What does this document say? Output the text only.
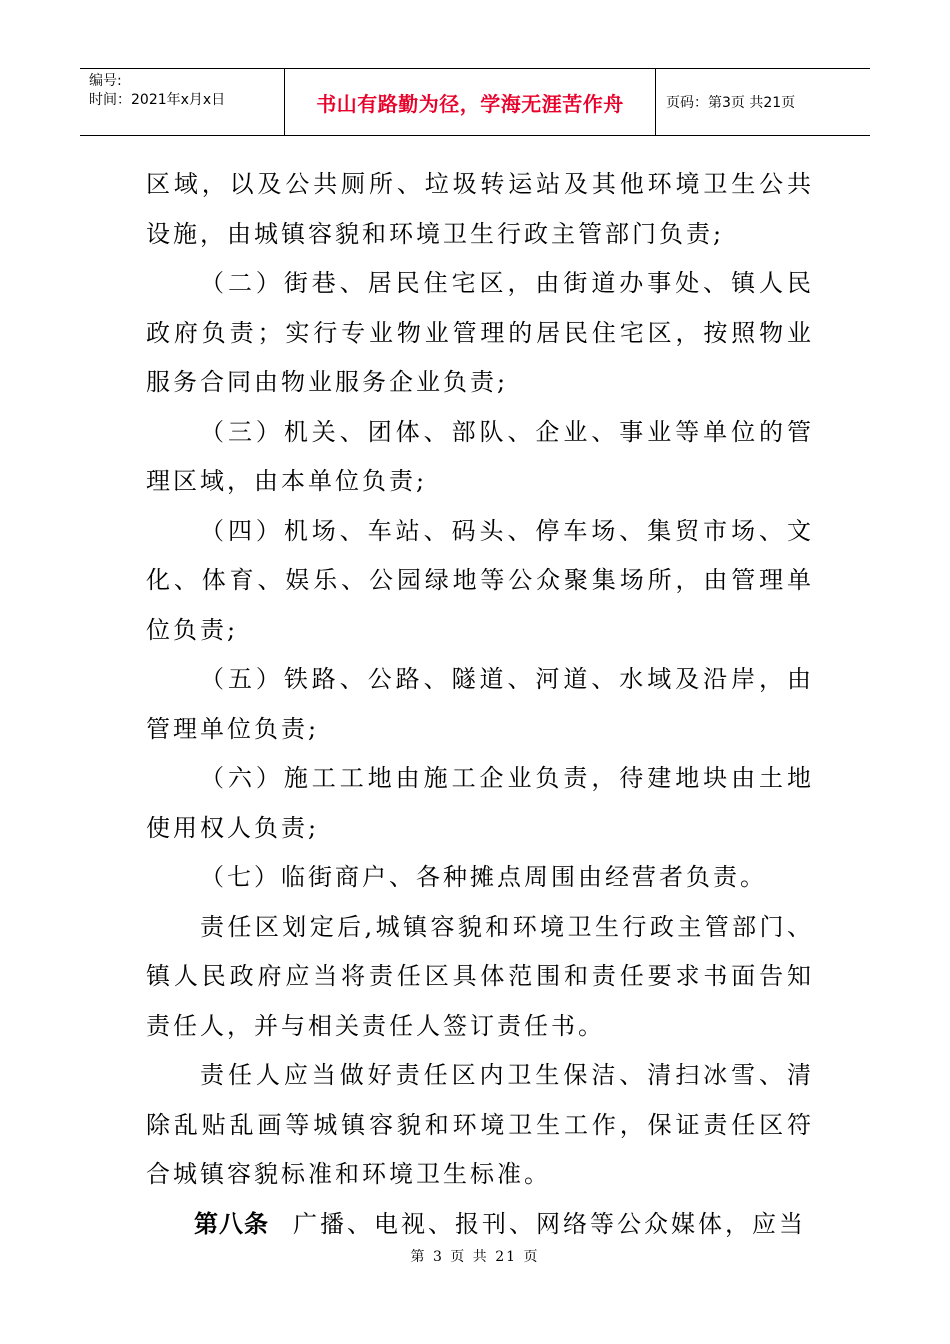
编号:
时间：2021年x月x日	书山有路勤为径，学海无涯苦作舟	页码：第3页 共21页

区域，以及公共厕所、垃圾转运站及其他环境卫生公共设施，由城镇容貌和环境卫生行政主管部门负责;

（二）街巷、居民住宅区，由街道办事处、镇人民政府负责；实行专业物业管理的居民住宅区，按照物业服务合同由物业服务企业负责;

（三）机关、团体、部队、企业、事业等单位的管理区域，由本单位负责;

（四）机场、车站、码头、停车场、集贸市场、文化、体育、娱乐、公园绿地等公众聚集场所，由管理单位负责;

（五）铁路、公路、隧道、河道、水域及沿岸，由管理单位负责;

（六）施工工地由施工企业负责，待建地块由土地使用权人负责;

（七）临街商户、各种摊点周围由经营者负责。

责任区划定后,城镇容貌和环境卫生行政主管部门、镇人民政府应当将责任区具体范围和责任要求书面告知责任人，并与相关责任人签订责任书。

责任人应当做好责任区内卫生保洁、清扫冰雪、清除乱贴乱画等城镇容貌和环境卫生工作，保证责任区符合城镇容貌标准和环境卫生标准。

第八条 广播、电视、报刊、网络等公众媒体，应当

第 3 页 共 21 页
